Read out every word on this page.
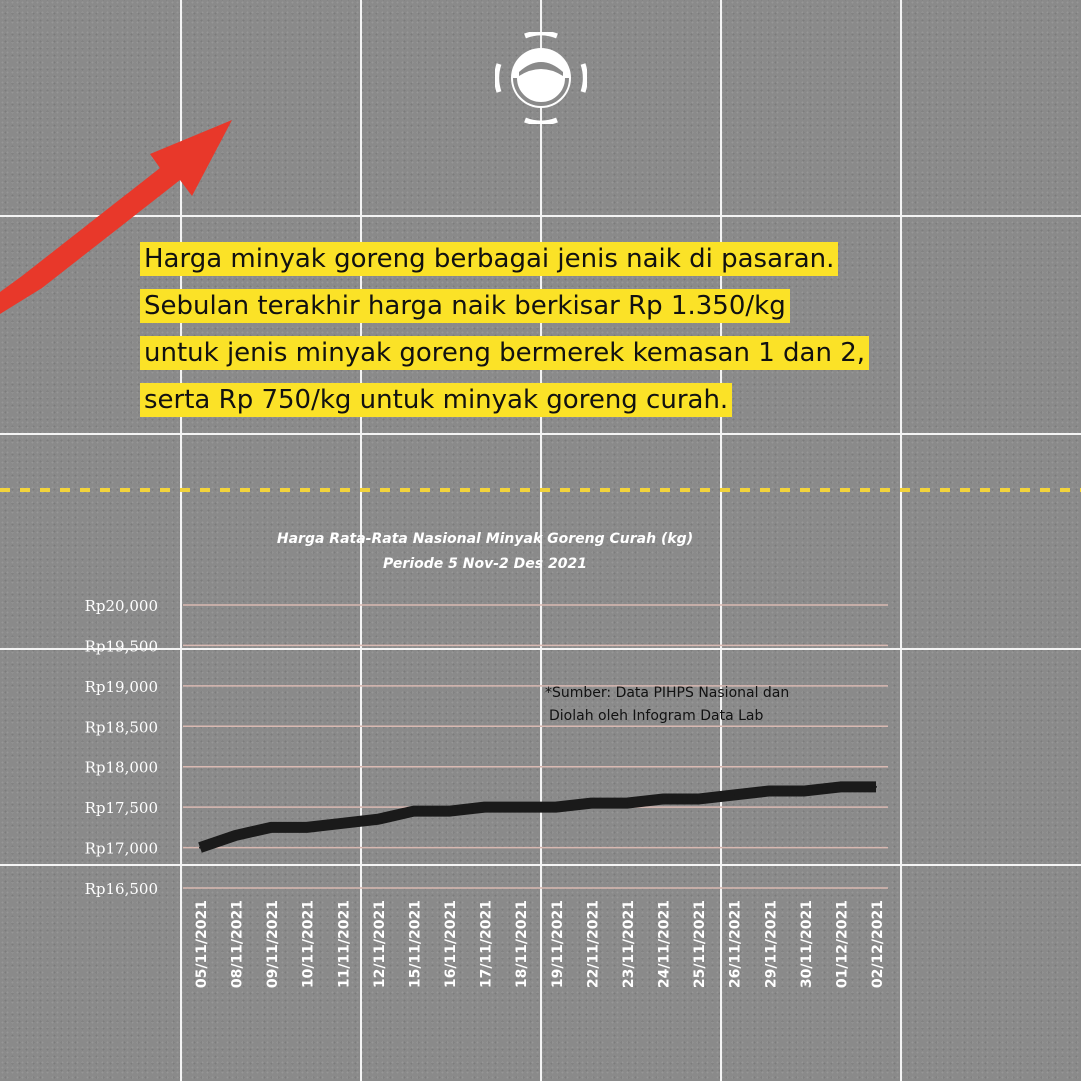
Harga minyak goreng berbagai jenis naik di pasaran.
Sebulan terakhir harga naik berkisar Rp 1.350/kg
untuk jenis minyak goreng bermerek kemasan 1 dan 2,
serta Rp 750/kg untuk minyak goreng curah.
Harga Rata-Rata Nasional Minyak Goreng Curah (kg)
Periode 5 Nov-2 Des 2021
Rp20,000
Rp19,500
Rp19,000
Rp18,500
Rp18,000
Rp17,500
Rp17,000
Rp16,500
05/11/2021 08/11/2021 09/11/2021 10/11/2021 11/11/2021 12/11/2021 15/11/2021 16/11/2021 17/11/2021 18/11/2021 19/11/2021 22/11/2021 23/11/2021 24/11/2021 25/11/2021 26/11/2021 29/11/2021 30/11/2021 01/12/2021 02/12/2021
*Sumber: Data PIHPS Nasional dan
Diolah oleh Infogram Data Lab
